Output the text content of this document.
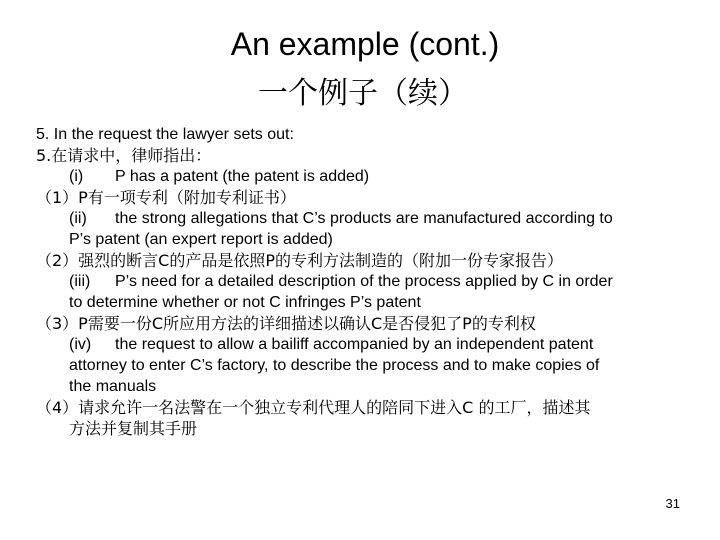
An example (cont.)
一个例子（续）
5. In the request the lawyer sets out:
5.在请求中，律师指出：
(i) P has a patent (the patent is added)
（1）P有一项专利（附加专利证书）
(ii) the strong allegations that C’s products are manufactured according to
P’s patent (an expert report is added)
（2）强烈的断言C的产品是依照P的专利方法制造的（附加一份专家报告）
(iii) P’s need for a detailed description of the process applied by C in order
to determine whether or not C infringes P’s patent
（3）P需要一份C所应用方法的详细描述以确认C是否侵犯了P的专利权
(iv) the request to allow a bailiff accompanied by an independent patent
attorney to enter C’s factory, to describe the process and to make copies of
the manuals
（4）请求允许一名法警在一个独立专利代理人的陪同下进入C 的工厂，描述其
方法并复制其手册
31
